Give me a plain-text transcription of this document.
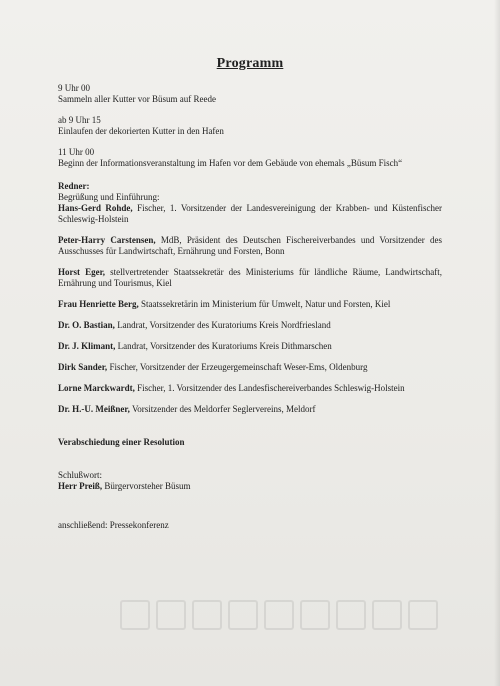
Programm
9 Uhr 00
Sammeln aller Kutter vor Büsum auf Reede
ab 9 Uhr 15
Einlaufen der dekorierten Kutter in den Hafen
11 Uhr 00
Beginn der Informationsveranstaltung im Hafen vor dem Gebäude von ehemals „Büsum Fisch“
Redner:
Begrüßung und Einführung:
Hans-Gerd Rohde, Fischer, 1. Vorsitzender der Landesvereinigung der Krabben- und Küstenfischer Schleswig-Holstein
Peter-Harry Carstensen, MdB, Präsident des Deutschen Fischereiverbandes und Vorsitzender des Ausschusses für Landwirtschaft, Ernährung und Forsten, Bonn
Horst Eger, stellvertretender Staatssekretär des Ministeriums für ländliche Räume, Landwirtschaft, Ernährung und Tourismus, Kiel
Frau Henriette Berg, Staatssekretärin im Ministerium für Umwelt, Natur und Forsten, Kiel
Dr. O. Bastian, Landrat, Vorsitzender des Kuratoriums Kreis Nordfriesland
Dr. J. Klimant, Landrat, Vorsitzender des Kuratoriums Kreis Dithmarschen
Dirk Sander, Fischer, Vorsitzender der Erzeugergemeinschaft Weser-Ems, Oldenburg
Lorne Marckwardt, Fischer, 1. Vorsitzender des Landesfischereiverbandes Schleswig-Holstein
Dr. H.-U. Meißner, Vorsitzender des Meldorfer Seglervereins, Meldorf
Verabschiedung einer Resolution
Schlußwort:
Herr Preiß, Bürgervorsteher Büsum
anschließend: Pressekonferenz
